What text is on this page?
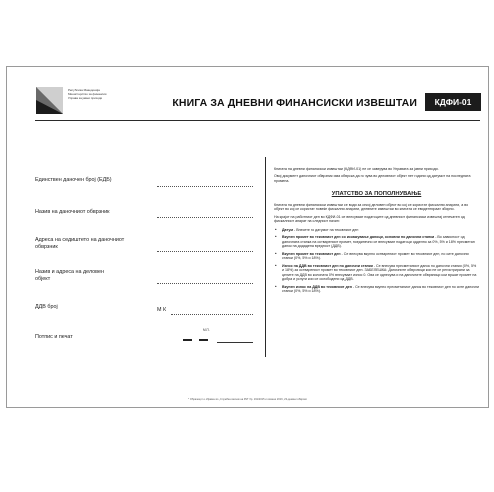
Република Македонија
Министерство за финансии
Управа за јавни приходи	КНИГА ЗА ДНЕВНИ ФИНАНСИСКИ ИЗВЕШТАИ	КДФИ-01
Единствен даночен број (ЕДБ)
Назив на даночниот обврзник
Адреса на седиштето на даночниот обврзник
Назив и адреса на деловен објект
ДДВ број	М К
Потпис и печат
М.П.

Книгата на дневни финансиски извештаи (КДФИ-01) не се заверува во Управата за јавни приходи.

Овој документ даночниот обврзник има обврска да го чува во деловниот објект пет години од датумот на последната промена.

УПАТСТВО ЗА ПОПОЛНУВАЊЕ

Книгата на дневни финансиски извештаи се води за секој деловен објект во кој се користат фискални апарати, а во објект во кој се користат повеќе фискални апарати, дневните извештаи во книгата се евидентираат збирно.

На крајот на работниот ден во КДФИ-01 се внесуваат податоците од дневниот финансиски извештај отпечатен од фискалниот апарат на следниот начин:

• Датум - Внесете го датумот на тековниот ден
• Вкупен промет во тековниот ден со искажување даноци, основни по даночни стапки - Во зависност од даночната стапка на остварениот промет, поединечно се внесуваат податоци одделно за 0%, 5% и 18% пресметан данок на додадена вредност (ДДВ).
• Вкупен промет во тековниот ден - Се внесува вкупно остварениот промет во тековниот ден, по сите даночни стапки (0%, 5% и 18%).
• Износ на ДДВ во тековниот ден по даночни стапки - Се внесува пресметаниот данок по даночни стапки (0%, 5% и 18%) за остварениот промет во тековниот ден. ЗАБЕЛЕШКА: Даночните обврзници кои не се регистрирани за целите на ДДВ во колоната 0% внесуваат износ 0. Ова се однесува и на даночните обврзници кои вршат промет на добра и услуги кои се ослободени од ДДВ.
• Вкупен износ на ДДВ во тековниот ден - Се внесува вкупно пресметаниот данок во тековниот ден по сите даночни стапки (0%, 5% и 18%).
* Образецот е објавен во „Службен весник на РМ“ бр. 191/2015 и измени 2016, 23-дневни обврски
